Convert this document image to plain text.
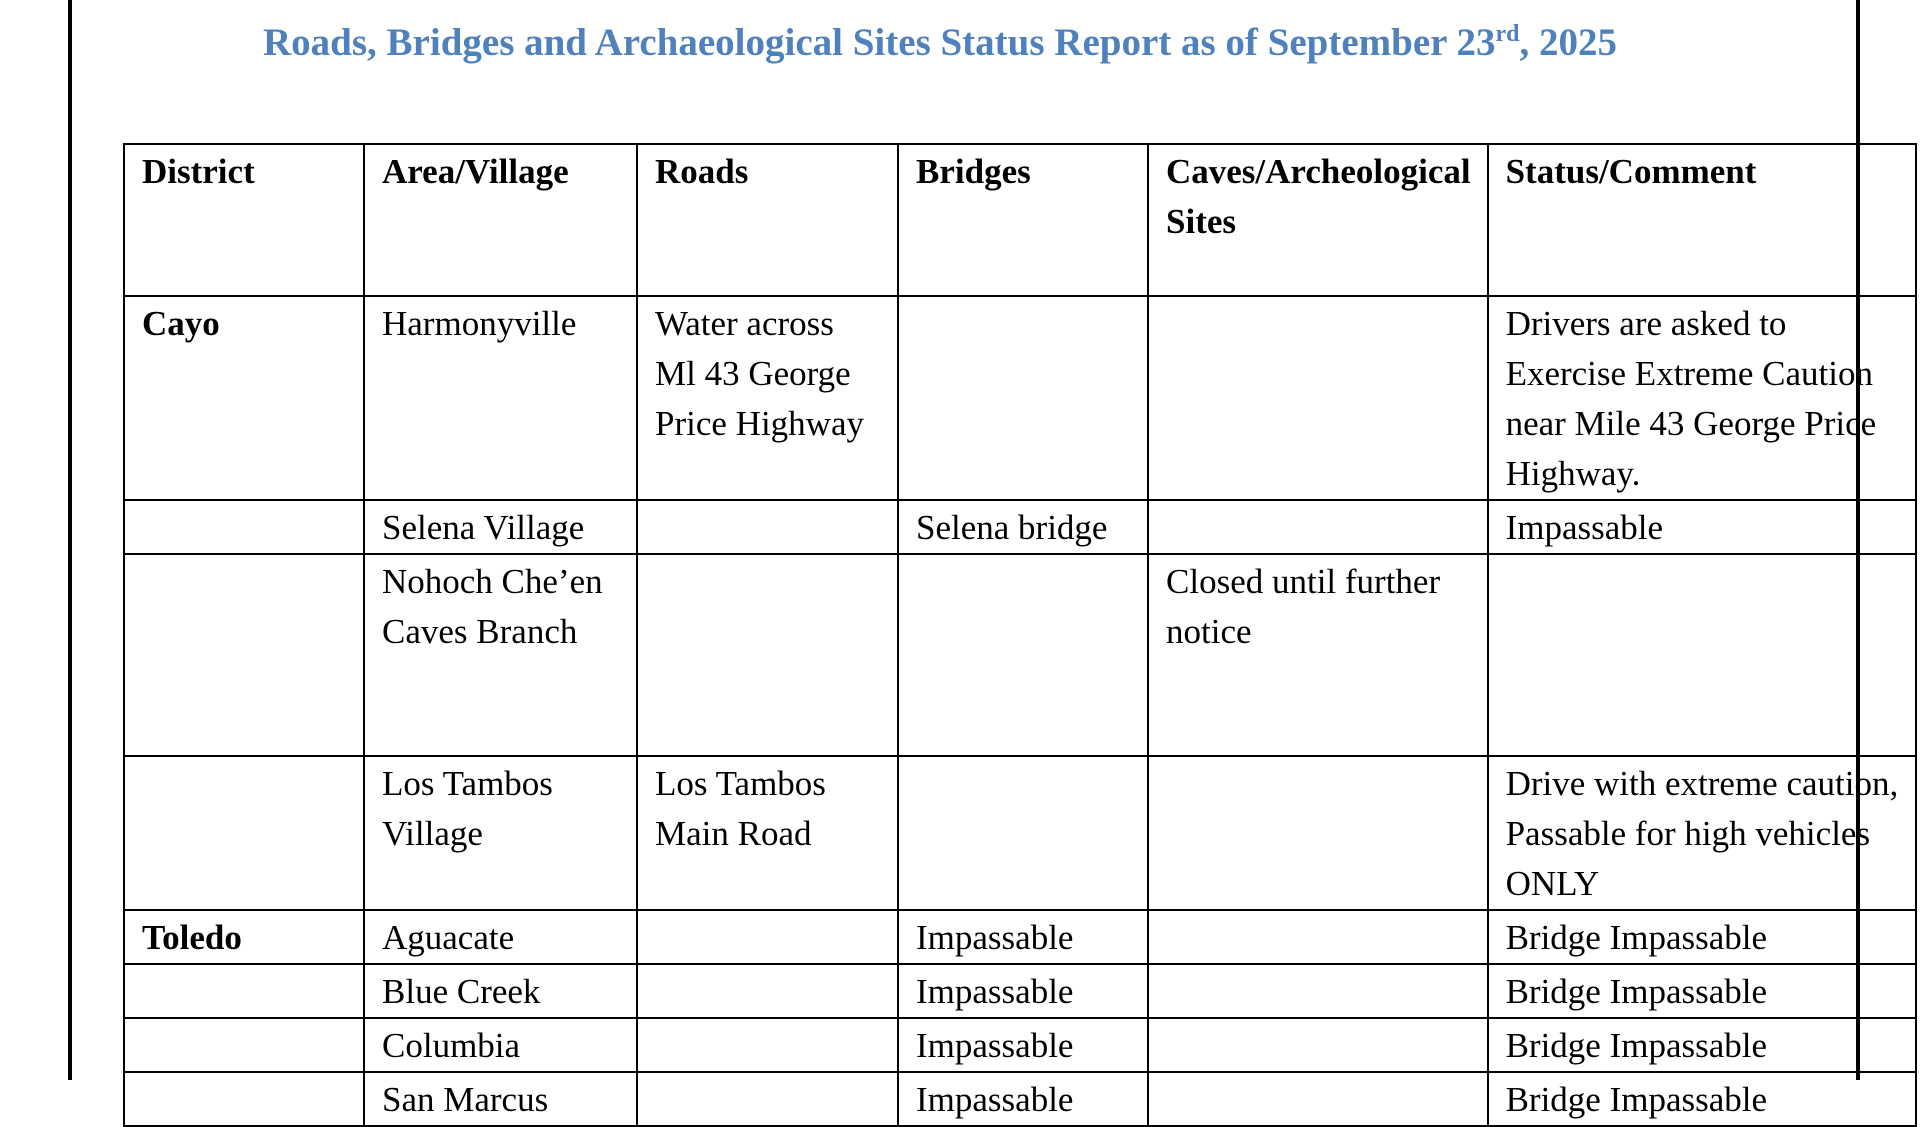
Roads, Bridges and Archaeological Sites Status Report as of September 23rd, 2025
District	Area/Village	Roads	Bridges	Caves/Archeological Sites	Status/Comment
Cayo	Harmonyville	Water across Ml 43 George Price Highway			Drivers are asked to Exercise Extreme Caution near Mile 43 George Price Highway.
	Selena Village		Selena bridge		Impassable
	Nohoch Che’en Caves Branch			Closed until further notice	
	Los Tambos Village	Los Tambos Main Road			Drive with extreme caution, Passable for high vehicles ONLY
Toledo	Aguacate		Impassable		Bridge Impassable
	Blue Creek		Impassable		Bridge Impassable
	Columbia		Impassable		Bridge Impassable
	San Marcus		Impassable		Bridge Impassable
